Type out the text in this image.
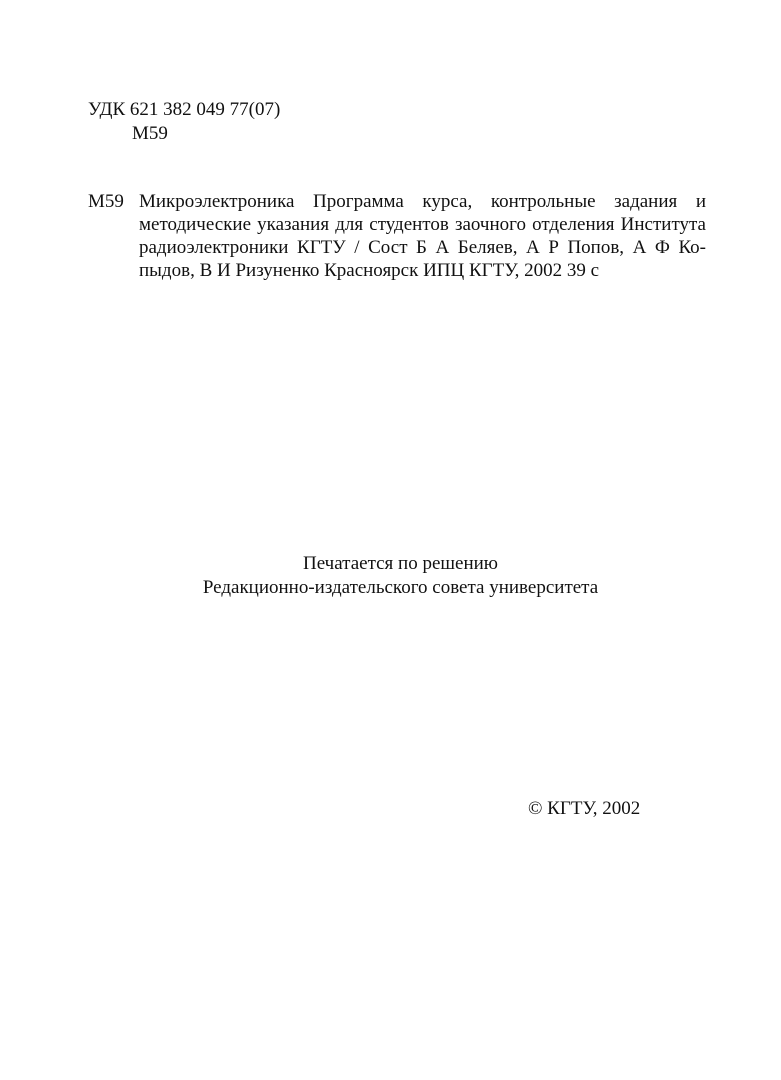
УДК 621 382 049 77(07)
М59
М59 Микроэлектроника Программа курса, контрольные задания и
методические указания для студентов заочного отделения Института
радиоэлектроники КГТУ / Сост Б А Беляев, А Р Попов, А Ф Ко-
пыдов, В И Ризуненко Красноярск ИПЦ КГТУ, 2002 39 с

Печатается по решению
Редакционно-издательского совета университета
© КГТУ, 2002
